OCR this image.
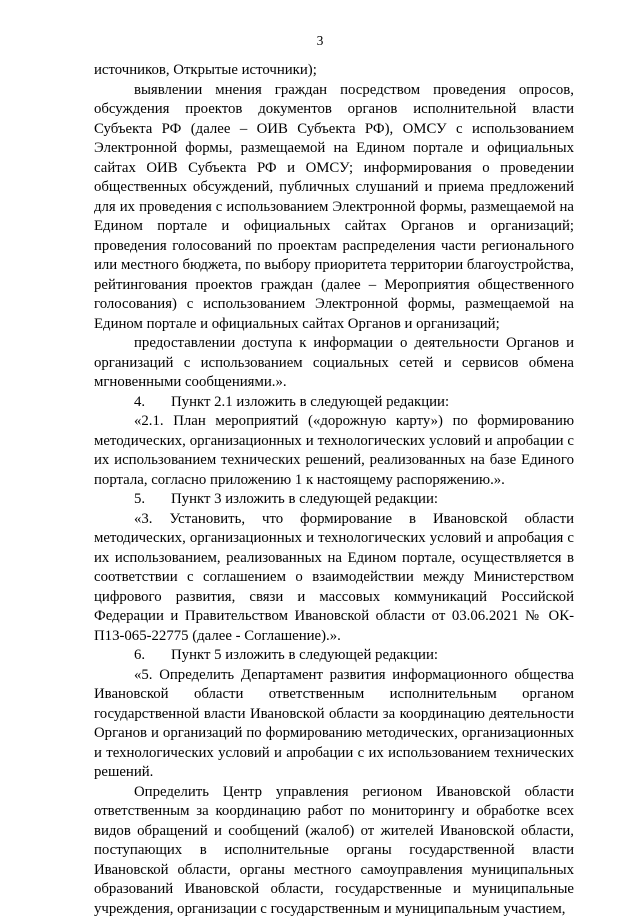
3

источников, Открытые источники);

выявлении мнения граждан посредством проведения опросов, обсуждения проектов документов органов исполнительной власти Субъекта РФ (далее – ОИВ Субъекта РФ), ОМСУ с использованием Электронной формы, размещаемой на Едином портале и официальных сайтах ОИВ Субъекта РФ и ОМСУ; информирования о проведении общественных обсуждений, публичных слушаний и приема предложений для их проведения с использованием Электронной формы, размещаемой на Едином портале и официальных сайтах Органов и организаций; проведения голосований по проектам распределения части регионального или местного бюджета, по выбору приоритета территории благоустройства, рейтингования проектов граждан (далее – Мероприятия общественного голосования) с использованием Электронной формы, размещаемой на Едином портале и официальных сайтах Органов и организаций;

предоставлении доступа к информации о деятельности Органов и организаций с использованием социальных сетей и сервисов обмена мгновенными сообщениями.».

4.       Пункт 2.1 изложить в следующей редакции:

«2.1. План мероприятий («дорожную карту») по формированию методических, организационных и технологических условий и апробации с их использованием технических решений, реализованных на базе Единого портала, согласно приложению 1 к настоящему распоряжению.».

5.       Пункт 3 изложить в следующей редакции:

«3. Установить, что формирование в Ивановской области методических, организационных и технологических условий и апробация с их использованием, реализованных на Едином портале, осуществляется в соответствии с соглашением о взаимодействии между Министерством цифрового развития, связи и массовых коммуникаций Российской Федерации и Правительством Ивановской области от 03.06.2021 № ОК-П13-065-22775 (далее - Соглашение).».

6.       Пункт 5 изложить в следующей редакции:

«5. Определить Департамент развития информационного общества Ивановской области ответственным исполнительным органом государственной власти Ивановской области за координацию деятельности Органов и организаций по формированию методических, организационных и технологических условий и апробации с их использованием технических решений.

Определить Центр управления регионом Ивановской области ответственным за координацию работ по мониторингу и обработке всех видов обращений и сообщений (жалоб) от жителей Ивановской области, поступающих в исполнительные органы государственной власти Ивановской области, органы местного самоуправления муниципальных образований Ивановской области, государственные и муниципальные учреждения, организации с государственным и муниципальным участием,
